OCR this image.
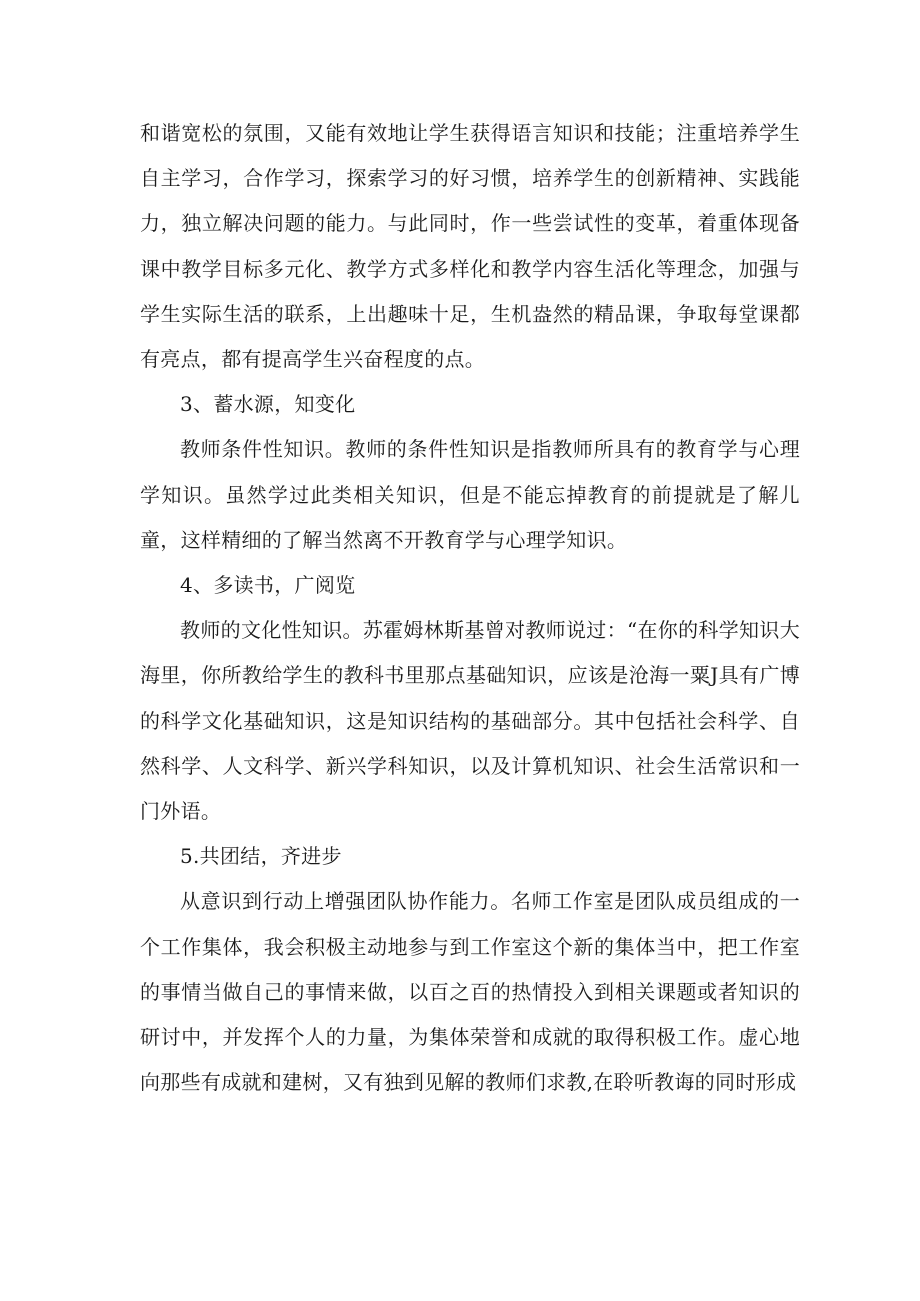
和谐宽松的氛围，又能有效地让学生获得语言知识和技能；注重培养学生自主学习，合作学习，探索学习的好习惯，培养学生的创新精神、实践能力，独立解决问题的能力。与此同时，作一些尝试性的变革，着重体现备课中教学目标多元化、教学方式多样化和教学内容生活化等理念，加强与学生实际生活的联系，上出趣味十足，生机盎然的精品课，争取每堂课都有亮点，都有提高学生兴奋程度的点。

3、蓄水源，知变化

教师条件性知识。教师的条件性知识是指教师所具有的教育学与心理学知识。虽然学过此类相关知识，但是不能忘掉教育的前提就是了解儿童，这样精细的了解当然离不开教育学与心理学知识。

4、多读书，广阅览

教师的文化性知识。苏霍姆林斯基曾对教师说过：“在你的科学知识大海里，你所教给学生的教科书里那点基础知识，应该是沧海一粟J具有广博的科学文化基础知识，这是知识结构的基础部分。其中包括社会科学、自然科学、人文科学、新兴学科知识，以及计算机知识、社会生活常识和一门外语。

5.共团结，齐进步

从意识到行动上增强团队协作能力。名师工作室是团队成员组成的一个工作集体，我会积极主动地参与到工作室这个新的集体当中，把工作室的事情当做自己的事情来做，以百之百的热情投入到相关课题或者知识的研讨中，并发挥个人的力量，为集体荣誉和成就的取得积极工作。虚心地向那些有成就和建树，又有独到见解的教师们求教,在聆听教诲的同时形成
